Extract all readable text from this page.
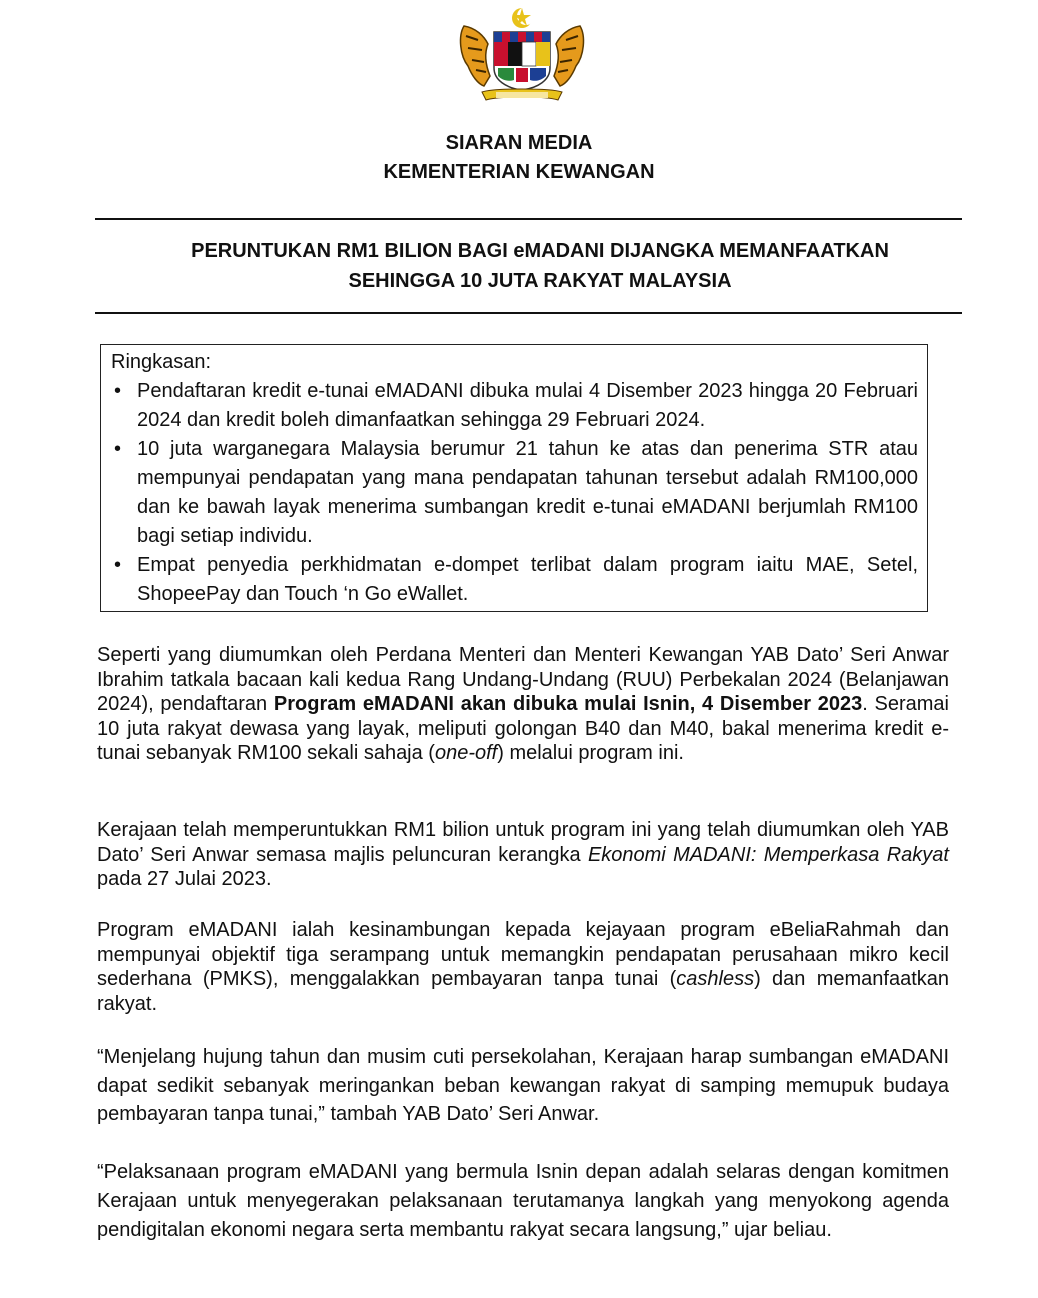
SIARAN MEDIA
KEMENTERIAN KEWANGAN
PERUNTUKAN RM1 BILION BAGI eMADANI DIJANGKA MEMANFAATKAN
SEHINGGA 10 JUTA RAKYAT MALAYSIA
Ringkasan:
• Pendaftaran kredit e-tunai eMADANI dibuka mulai 4 Disember 2023 hingga 20 Februari 2024 dan kredit boleh dimanfaatkan sehingga 29 Februari 2024.
• 10 juta warganegara Malaysia berumur 21 tahun ke atas dan penerima STR atau mempunyai pendapatan yang mana pendapatan tahunan tersebut adalah RM100,000 dan ke bawah layak menerima sumbangan kredit e-tunai eMADANI berjumlah RM100 bagi setiap individu.
• Empat penyedia perkhidmatan e-dompet terlibat dalam program iaitu MAE, Setel, ShopeePay dan Touch ‘n Go eWallet.
Seperti yang diumumkan oleh Perdana Menteri dan Menteri Kewangan YAB Dato’ Seri Anwar Ibrahim tatkala bacaan kali kedua Rang Undang-Undang (RUU) Perbekalan 2024 (Belanjawan 2024), pendaftaran Program eMADANI akan dibuka mulai Isnin, 4 Disember 2023. Seramai 10 juta rakyat dewasa yang layak, meliputi golongan B40 dan M40, bakal menerima kredit e-tunai sebanyak RM100 sekali sahaja (one-off) melalui program ini.
Kerajaan telah memperuntukkan RM1 bilion untuk program ini yang telah diumumkan oleh YAB Dato’ Seri Anwar semasa majlis peluncuran kerangka Ekonomi MADANI: Memperkasa Rakyat pada 27 Julai 2023.
Program eMADANI ialah kesinambungan kepada kejayaan program eBeliaRahmah dan mempunyai objektif tiga serampang untuk memangkin pendapatan perusahaan mikro kecil sederhana (PMKS), menggalakkan pembayaran tanpa tunai (cashless) dan memanfaatkan rakyat.
“Menjelang hujung tahun dan musim cuti persekolahan, Kerajaan harap sumbangan eMADANI dapat sedikit sebanyak meringankan beban kewangan rakyat di samping memupuk budaya pembayaran tanpa tunai,” tambah YAB Dato’ Seri Anwar.
“Pelaksanaan program eMADANI yang bermula Isnin depan adalah selaras dengan komitmen Kerajaan untuk menyegerakan pelaksanaan terutamanya langkah yang menyokong agenda pendigitalan ekonomi negara serta membantu rakyat secara langsung,” ujar beliau.
